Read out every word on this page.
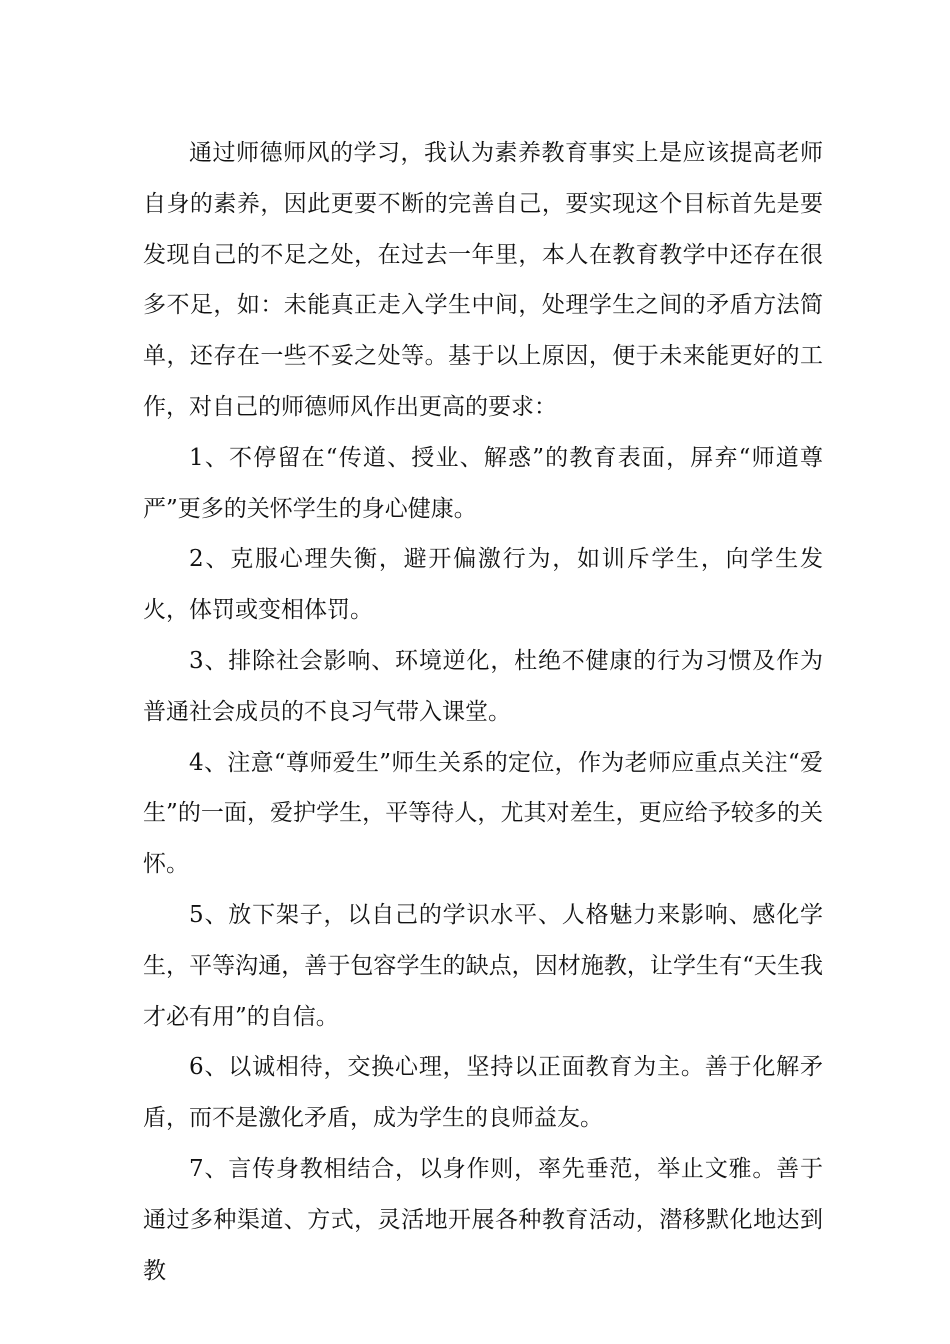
通过师德师风的学习，我认为素养教育事实上是应该提高老师自身的素养，因此更要不断的完善自己，要实现这个目标首先是要发现自己的不足之处，在过去一年里，本人在教育教学中还存在很多不足，如：未能真正走入学生中间，处理学生之间的矛盾方法简单，还存在一些不妥之处等。基于以上原因，便于未来能更好的工作，对自己的师德师风作出更高的要求：

1、不停留在“传道、授业、解惑”的教育表面，屏弃“师道尊严”更多的关怀学生的身心健康。

2、克服心理失衡，避开偏激行为，如训斥学生，向学生发火，体罚或变相体罚。

3、排除社会影响、环境逆化，杜绝不健康的行为习惯及作为普通社会成员的不良习气带入课堂。

4、注意“尊师爱生”师生关系的定位，作为老师应重点关注“爱生”的一面，爱护学生，平等待人，尤其对差生，更应给予较多的关怀。

5、放下架子，以自己的学识水平、人格魅力来影响、感化学生，平等沟通，善于包容学生的缺点，因材施教，让学生有“天生我才必有用”的自信。

6、以诚相待，交换心理，坚持以正面教育为主。善于化解矛盾，而不是激化矛盾，成为学生的良师益友。

7、言传身教相结合，以身作则，率先垂范，举止文雅。善于通过多种渠道、方式，灵活地开展各种教育活动，潜移默化地达到教
